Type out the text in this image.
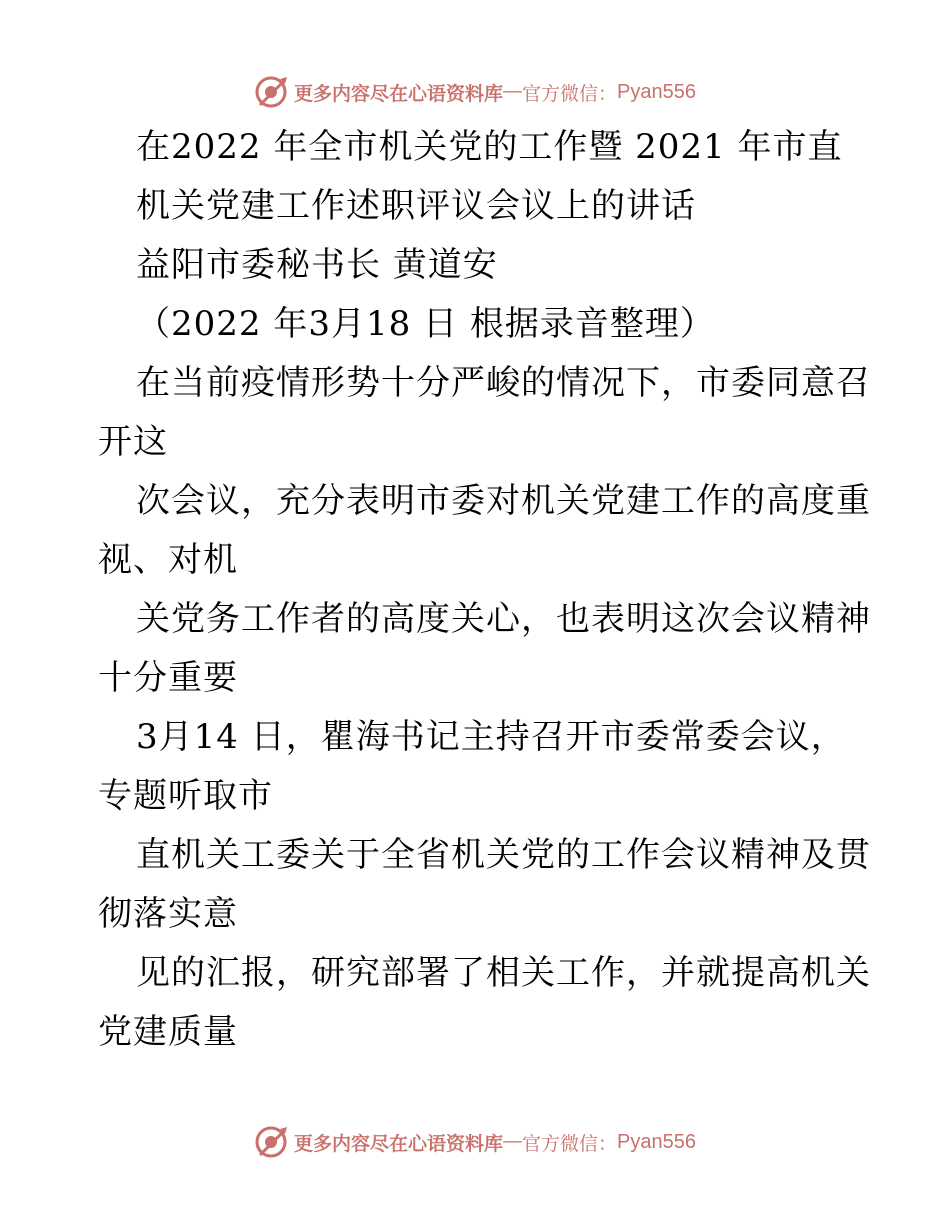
更多内容尽在心语资料库 — 官方微信： Pyan556
在2022 年全市机关党的工作暨 2021 年市直
机关党建工作述职评议会议上的讲话
益阳市委秘书长 黄道安
（2022 年3月18 日 根据录音整理）
在当前疫情形势十分严峻的情况下，市委同意召
开这
次会议，充分表明市委对机关党建工作的高度重
视、对机
关党务工作者的高度关心，也表明这次会议精神
十分重要
3月14 日，瞿海书记主持召开市委常委会议，
专题听取市
直机关工委关于全省机关党的工作会议精神及贯
彻落实意
见的汇报，研究部署了相关工作，并就提高机关
党建质量
更多内容尽在心语资料库 — 官方微信： Pyan556
